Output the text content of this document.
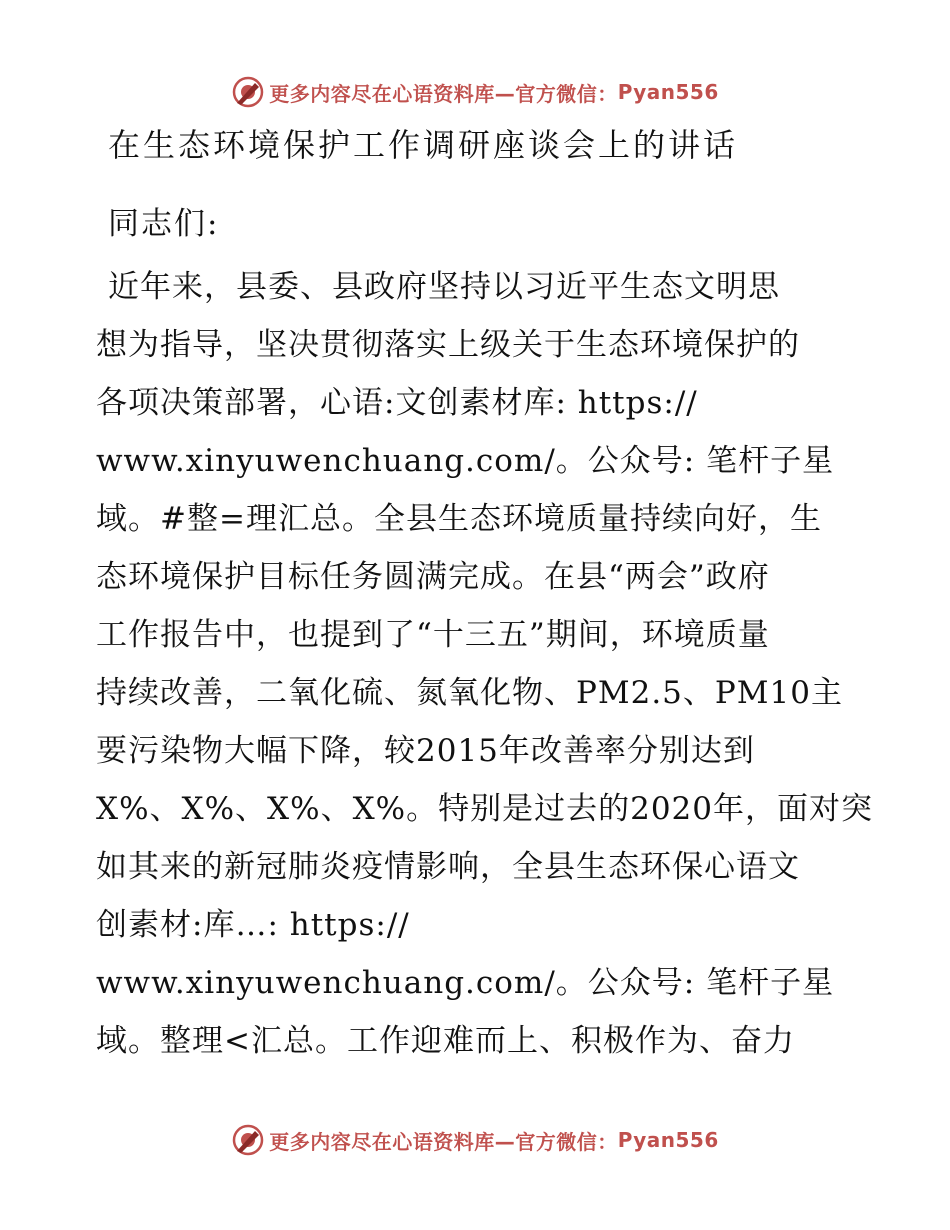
更多内容尽在心语资料库—官方微信： Pyan556
在生态环境保护工作调研座谈会上的讲话
同志们:
近年来，县委、县政府坚持以习近平生态文明思
想为指导，坚决贯彻落实上级关于生态环境保护的
各项决策部署，心语:文创素材库: https://
www.xinyuwenchuang.com/。公众号: 笔杆子星
域。#整=理汇总。全县生态环境质量持续向好，生
态环境保护目标任务圆满完成。在县“两会”政府
工作报告中，也提到了“十三五”期间，环境质量
持续改善，二氧化硫、氮氧化物、PM2.5、PM10主
要污染物大幅下降，较2015年改善率分别达到
X%、X%、X%、X%。特别是过去的2020年，面对突
如其来的新冠肺炎疫情影响，全县生态环保心语文
创素材:库…: https://
www.xinyuwenchuang.com/。公众号: 笔杆子星
域。整理<汇总。工作迎难而上、积极作为、奋力
更多内容尽在心语资料库—官方微信： Pyan556
